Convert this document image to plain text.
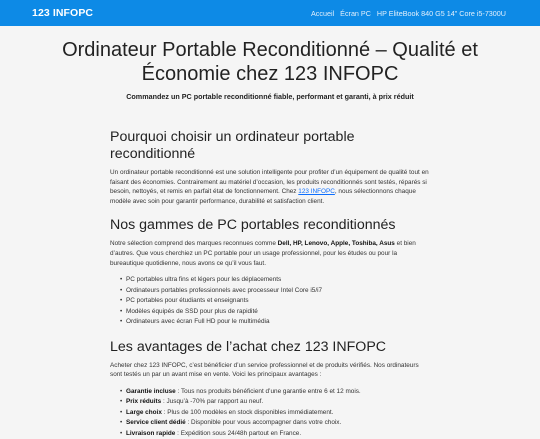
123 INFOPC	Accueil Écran PC HP EliteBook 840 G5 14" Core i5-7300U
Ordinateur Portable Reconditionné – Qualité et Économie chez 123 INFOPC
Commandez un PC portable reconditionné fiable, performant et garanti, à prix réduit
Pourquoi choisir un ordinateur portable reconditionné

Un ordinateur portable reconditionné est une solution intelligente pour profiter d’un équipement de qualité tout en faisant des économies. Contrairement au matériel d’occasion, les produits reconditionnés sont testés, réparés si besoin, nettoyés, et remis en parfait état de fonctionnement. Chez 123 INFOPC, nous sélectionnons chaque modèle avec soin pour garantir performance, durabilité et satisfaction client.

Nos gammes de PC portables reconditionnés

Notre sélection comprend des marques reconnues comme Dell, HP, Lenovo, Apple, Toshiba, Asus et bien d’autres. Que vous cherchiez un PC portable pour un usage professionnel, pour les études ou pour la bureautique quotidienne, nous avons ce qu’il vous faut.

• PC portables ultra fins et légers pour les déplacements
• Ordinateurs portables professionnels avec processeur Intel Core i5/i7
• PC portables pour étudiants et enseignants
• Modèles équipés de SSD pour plus de rapidité
• Ordinateurs avec écran Full HD pour le multimédia
Les avantages de l’achat chez 123 INFOPC

Acheter chez 123 INFOPC, c’est bénéficier d’un service professionnel et de produits vérifiés. Nos ordinateurs sont testés un par un avant mise en vente. Voici les principaux avantages :

• Garantie incluse : Tous nos produits bénéficient d’une garantie entre 6 et 12 mois.
• Prix réduits : Jusqu’à -70% par rapport au neuf.
• Large choix : Plus de 100 modèles en stock disponibles immédiatement.
• Service client dédié : Disponible pour vous accompagner dans votre choix.
• Livraison rapide : Expédition sous 24/48h partout en France.
